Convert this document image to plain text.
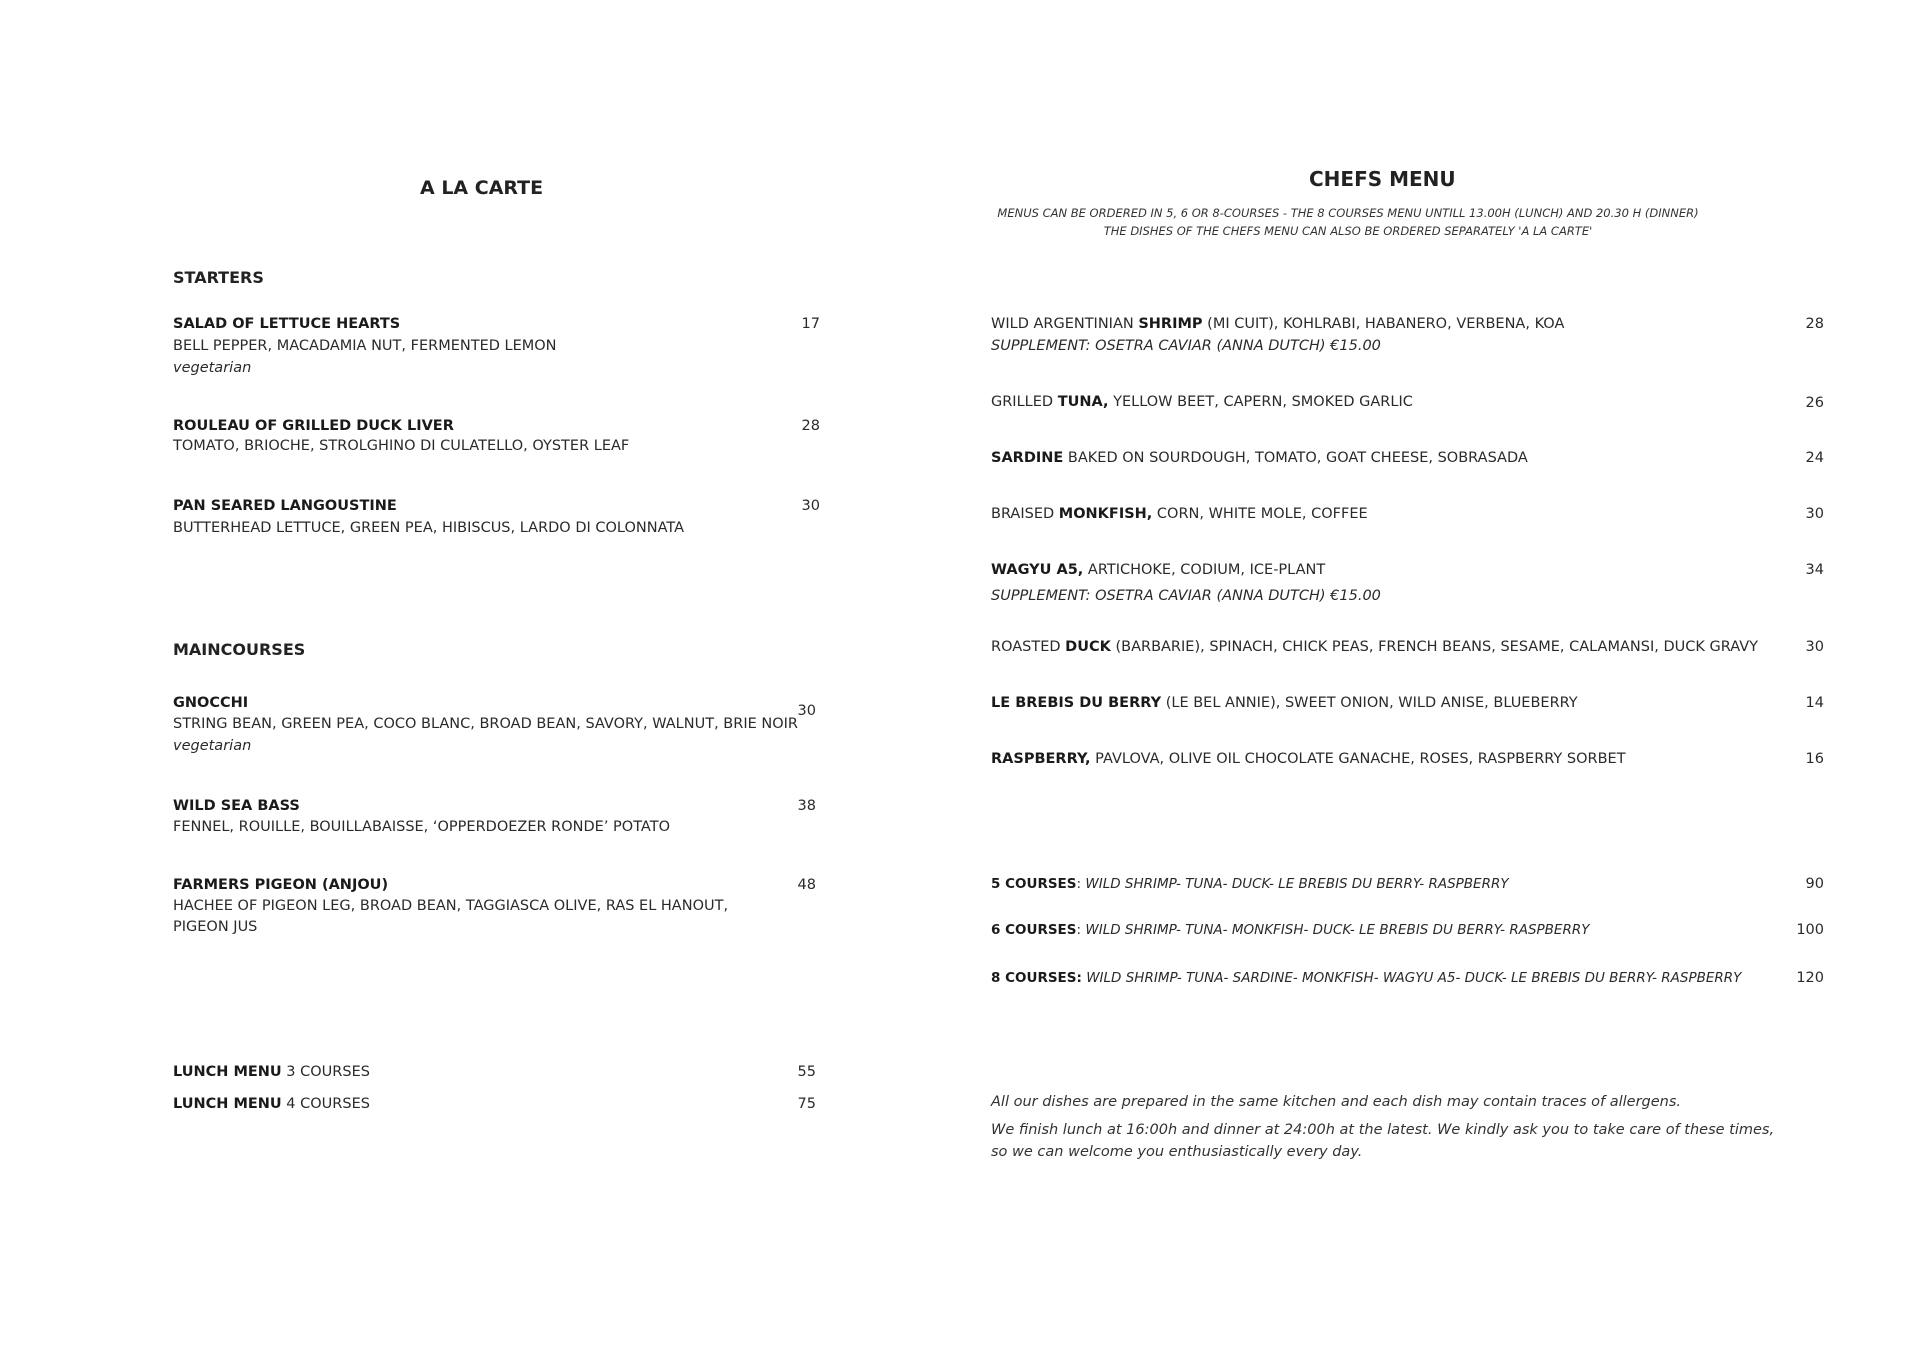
A LA CARTE
STARTERS
SALAD OF LETTUCE HEARTS
BELL PEPPER, MACADAMIA NUT, FERMENTED LEMON
vegetarian
17
ROULEAU OF GRILLED DUCK LIVER
TOMATO, BRIOCHE, STROLGHINO DI CULATELLO, OYSTER LEAF
28
PAN SEARED LANGOUSTINE
BUTTERHEAD LETTUCE, GREEN PEA, HIBISCUS, LARDO DI COLONNATA
30
MAINCOURSES
GNOCCHI
STRING BEAN, GREEN PEA, COCO BLANC, BROAD BEAN, SAVORY, WALNUT, BRIE NOIR
vegetarian
30
WILD SEA BASS
FENNEL, ROUILLE, BOUILLABAISSE, ‘OPPERDOEZER RONDE’ POTATO
38
FARMERS PIGEON (ANJOU)
HACHEE OF PIGEON LEG, BROAD BEAN, TAGGIASCA OLIVE, RAS EL HANOUT,
PIGEON JUS
48
LUNCH MENU 3 COURSES	55
LUNCH MENU 4 COURSES	75
CHEFS MENU
MENUS CAN BE ORDERED IN 5, 6 OR 8-COURSES - THE 8 COURSES MENU UNTILL 13.00H (LUNCH) AND 20.30 H (DINNER)
THE DISHES OF THE CHEFS MENU CAN ALSO BE ORDERED SEPARATELY 'A LA CARTE'
WILD ARGENTINIAN SHRIMP (MI CUIT), KOHLRABI, HABANERO, VERBENA, KOA
SUPPLEMENT: OSETRA CAVIAR (ANNA DUTCH) €15.00
28
GRILLED TUNA, YELLOW BEET, CAPERN, SMOKED GARLIC	26
SARDINE BAKED ON SOURDOUGH, TOMATO, GOAT CHEESE, SOBRASADA	24
BRAISED MONKFISH, CORN, WHITE MOLE, COFFEE	30
WAGYU A5, ARTICHOKE, CODIUM, ICE-PLANT
SUPPLEMENT: OSETRA CAVIAR (ANNA DUTCH) €15.00
34
ROASTED DUCK (BARBARIE), SPINACH, CHICK PEAS, FRENCH BEANS, SESAME, CALAMANSI, DUCK GRAVY	30
LE BREBIS DU BERRY (LE BEL ANNIE), SWEET ONION, WILD ANISE, BLUEBERRY	14
RASPBERRY, PAVLOVA, OLIVE OIL CHOCOLATE GANACHE, ROSES, RASPBERRY SORBET	16
5 COURSES: WILD SHRIMP- TUNA- DUCK- LE BREBIS DU BERRY- RASPBERRY	90
6 COURSES: WILD SHRIMP- TUNA- MONKFISH- DUCK- LE BREBIS DU BERRY- RASPBERRY	100
8 COURSES: WILD SHRIMP- TUNA- SARDINE- MONKFISH- WAGYU A5- DUCK- LE BREBIS DU BERRY- RASPBERRY	120
All our dishes are prepared in the same kitchen and each dish may contain traces of allergens.
We finish lunch at 16:00h and dinner at 24:00h at the latest. We kindly ask you to take care of these times,
so we can welcome you enthusiastically every day.
